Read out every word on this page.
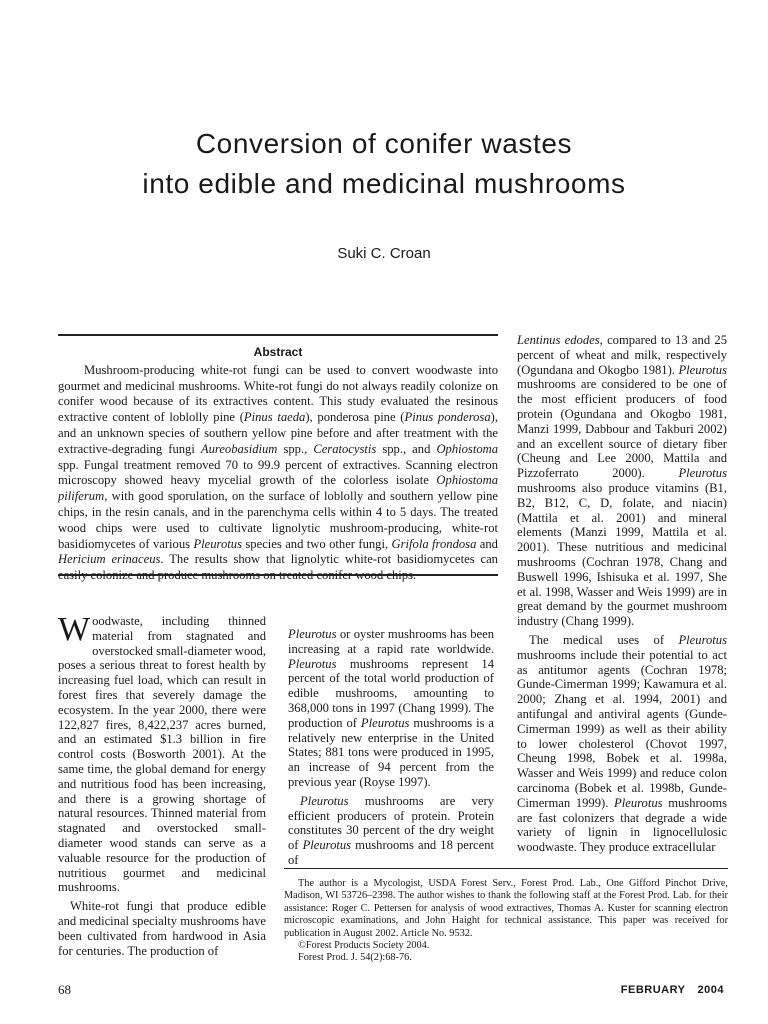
Conversion of conifer wastes
into edible and medicinal mushrooms
Suki C. Croan
Abstract

Mushroom-producing white-rot fungi can be used to convert woodwaste into gourmet and medicinal mushrooms. White-rot fungi do not always readily colonize on conifer wood because of its extractives content. This study evaluated the resinous extractive content of loblolly pine (Pinus taeda), ponderosa pine (Pinus ponderosa), and an unknown species of southern yellow pine before and after treatment with the extractive-degrading fungi Aureobasidium spp., Ceratocystis spp., and Ophiostoma spp. Fungal treatment removed 70 to 99.9 percent of extractives. Scanning electron microscopy showed heavy mycelial growth of the colorless isolate Ophiostoma piliferum, with good sporulation, on the surface of loblolly and southern yellow pine chips, in the resin canals, and in the parenchyma cells within 4 to 5 days. The treated wood chips were used to cultivate lignolytic mushroom-producing, white-rot basidiomycetes of various Pleurotus species and two other fungi, Grifola frondosa and Hericium erinaceus. The results show that lignolytic white-rot basidiomycetes can

Woodwaste, including thinned material from stagnated and overstocked small-diameter wood, poses a serious threat to forest health by increasing fuel load, which can result in forest fires that severely damage the ecosystem. In the year 2000, there were 122,827 fires, 8,422,237 acres burned, and an estimated $1.3 billion in fire control costs (Bosworth 2001). At the same time, the global demand for energy and nutritious food has been increasing, and there is a growing shortage of natural resources. Thinned material from stagnated and overstocked small-diameter wood stands can serve as a valuable resource for the production of nutritious gourmet and medicinal mushrooms.

White-rot fungi that produce edible and medicinal specialty mushrooms have been cultivated from hardwood in Asia for centuries. The production of

Pleurotus or oyster mushrooms has been increasing at a rapid rate worldwide. Pleurotus mushrooms represent 14 percent of the total world production of edible mushrooms, amounting to 368,000 tons in 1997 (Chang 1999). The production of Pleurotus mushrooms is a relatively new enterprise in the United States; 881 tons were produced in 1995, an increase of 94 percent from the previous year (Royse 1997).

Pleurotus mushrooms are very efficient producers of protein. Protein constitutes 30 percent of the dry weight of Pleurotus mushrooms and 18 percent of

Lentinus edodes, compared to 13 and 25 percent of wheat and milk, respectively (Ogundana and Okogbo 1981). Pleurotus mushrooms are considered to be one of the most efficient producers of food protein (Ogundana and Okogbo 1981, Manzi 1999, Dabbour and Takburi 2002) and an excellent source of dietary fiber (Cheung and Lee 2000, Mattila and Pizzoferrato 2000). Pleurotus mushrooms also produce vitamins (B1, B2, B12, C, D, folate, and niacin) (Mattila et al. 2001) and mineral elements (Manzi 1999, Mattila et al. 2001). These nutritious and medicinal mushrooms (Cochran 1978, Chang and Buswell 1996, Ishisuka et al. 1997, She et al. 1998, Wasser and Weis 1999) are in great demand by the gourmet mushroom industry (Chang 1999).

The medical uses of Pleurotus mushrooms include their potential to act as antitumor agents (Cochran 1978; Gunde-Cimerman 1999; Kawamura et al. 2000; Zhang et al. 1994, 2001) and antifungal and antiviral agents (Gunde-Cimerman 1999) as well as their ability to lower cholesterol (Chovot 1997, Cheung 1998, Bobek et al. 1998a, Wasser and Weis 1999) and reduce colon carcinoma (Bobek et al. 1998b, Gunde-Cimerman 1999). Pleurotus mushrooms are fast colonizers that degrade a wide variety of lignin in lignocellulosic woodwaste. They produce extracellular

The author is a Mycologist, USDA Forest Serv., Forest Prod. Lab., One Gifford Pinchot Drive, Madison, WI 53726–2398. The author wishes to thank the following staff at the Forest Prod. Lab. for their assistance: Roger C. Pettersen for analysis of wood extractives, Thomas A. Kuster for scanning electron microscopic examinations, and John Haight for technical assistance. This paper was received for publication in August 2002. Article No. 9532.

©Forest Products Society 2004.

Forest Prod. J. 54(2):68-76.

68	FEBRUARY 2004
